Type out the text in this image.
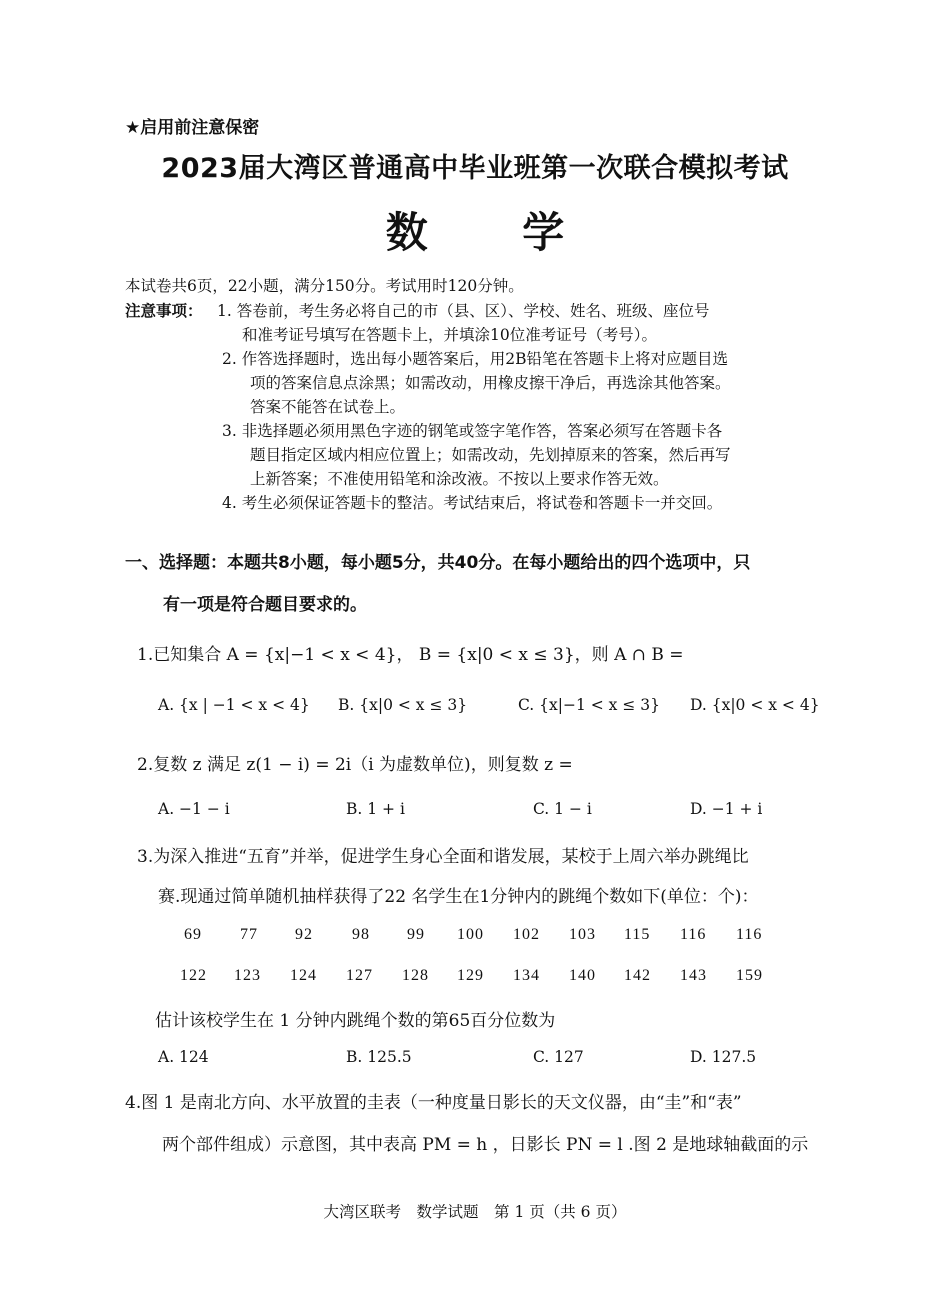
★启用前注意保密
2023届大湾区普通高中毕业班第一次联合模拟考试
数 学
本试卷共6页，22小题，满分150分。考试用时120分钟。
注意事项： 1. 答卷前，考生务必将自己的市（县、区）、学校、姓名、班级、座位号
和准考证号填写在答题卡上，并填涂10位准考证号（考号）。
2. 作答选择题时，选出每小题答案后，用2B铅笔在答题卡上将对应题目选
项的答案信息点涂黑；如需改动，用橡皮擦干净后，再选涂其他答案。
答案不能答在试卷上。
3. 非选择题必须用黑色字迹的钢笔或签字笔作答，答案必须写在答题卡各
题目指定区域内相应位置上；如需改动，先划掉原来的答案，然后再写
上新答案；不准使用铅笔和涂改液。不按以上要求作答无效。
4. 考生必须保证答题卡的整洁。考试结束后，将试卷和答题卡一并交回。
一、选择题：本题共8小题，每小题5分，共40分。在每小题给出的四个选项中，只
有一项是符合题目要求的。
1.已知集合 A = {x|−1 < x < 4}， B = {x|0 < x ≤ 3}，则 A ∩ B =
A. {x | −1 < x < 4} B. {x|0 < x ≤ 3}	C. {x|−1 < x ≤ 3} D. {x|0 < x < 4}
2.复数 z 满足 z(1 − i) = 2i（i 为虚数单位)，则复数 z =
A. −1 − i	B. 1 + i	C. 1 − i	D. −1 + i
3.为深入推进“五育”并举，促进学生身心全面和谐发展，某校于上周六举办跳绳比
赛.现通过简单随机抽样获得了22 名学生在1分钟内的跳绳个数如下(单位：个)：
69 77 92 98 99 100 102 103 115 116 116
122 123 124 127 128 129 134 140 142 143 159
估计该校学生在 1 分钟内跳绳个数的第65百分位数为
A. 124	B. 125.5	C. 127	D. 127.5
4.图 1 是南北方向、水平放置的圭表（一种度量日影长的天文仪器，由“圭”和“表”
两个部件组成）示意图，其中表高 PM = h ，日影长 PN = l .图 2 是地球轴截面的示
大湾区联考　数学试题　第 1 页（共 6 页）
